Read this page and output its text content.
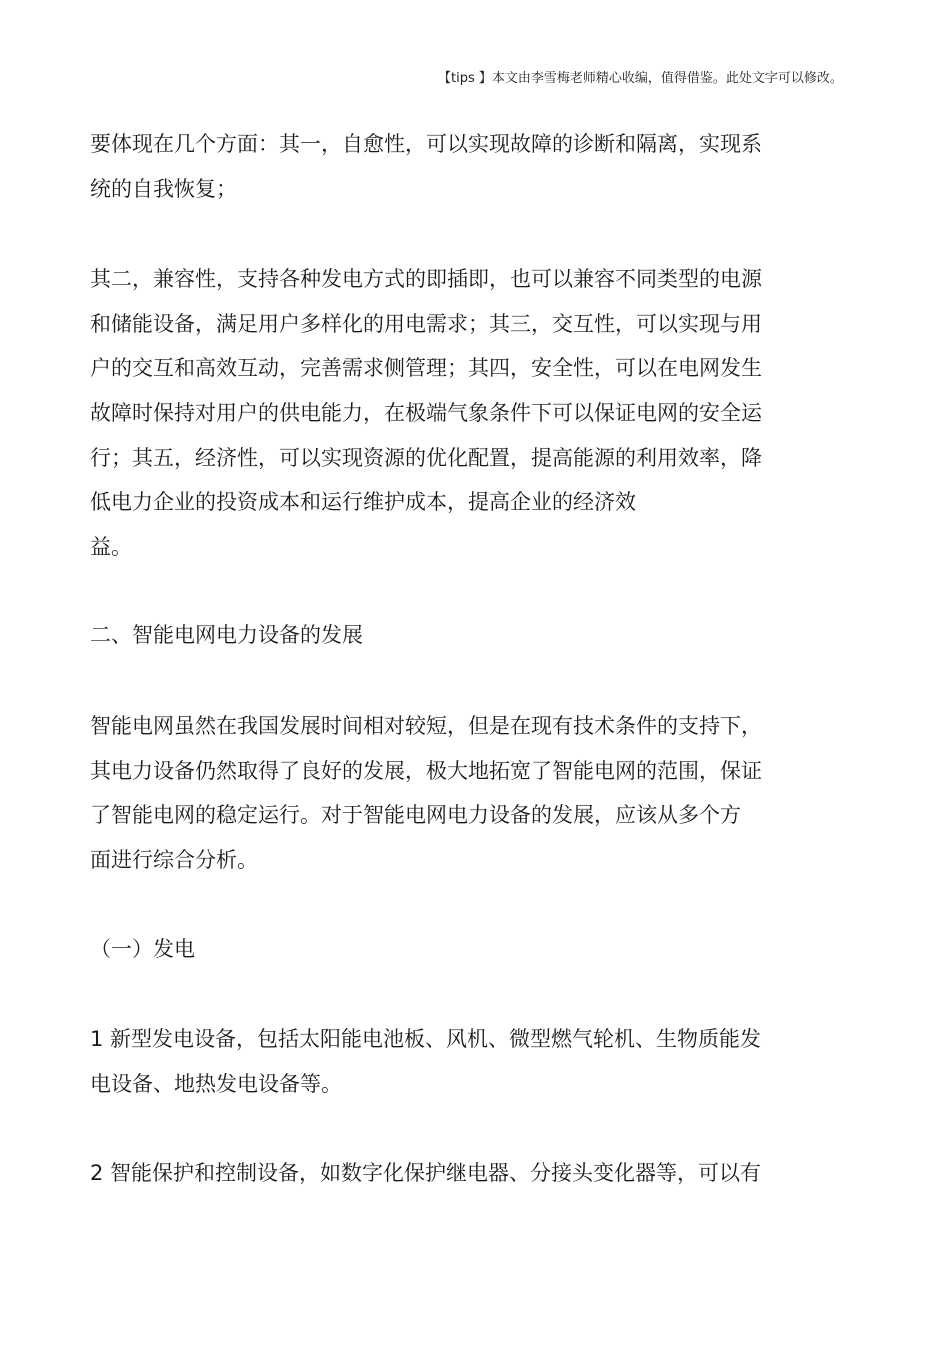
【tips 】本文由李雪梅老师精心收编，值得借鉴。此处文字可以修改。
要体现在几个方面：其一，自愈性，可以实现故障的诊断和隔离，实现系
统的自我恢复；
其二，兼容性，支持各种发电方式的即插即，也可以兼容不同类型的电源
和储能设备，满足用户多样化的用电需求；其三，交互性，可以实现与用
户的交互和高效互动，完善需求侧管理；其四，安全性，可以在电网发生
故障时保持对用户的供电能力，在极端气象条件下可以保证电网的安全运
行；其五，经济性，可以实现资源的优化配置，提高能源的利用效率，降
低电力企业的投资成本和运行维护成本，提高企业的经济效
益。
二、智能电网电力设备的发展
智能电网虽然在我国发展时间相对较短，但是在现有技术条件的支持下，
其电力设备仍然取得了良好的发展，极大地拓宽了智能电网的范围，保证
了智能电网的稳定运行。对于智能电网电力设备的发展，应该从多个方
面进行综合分析。
（一）发电
1 新型发电设备，包括太阳能电池板、风机、微型燃气轮机、生物质能发
电设备、地热发电设备等。
2 智能保护和控制设备，如数字化保护继电器、分接头变化器等，可以有
